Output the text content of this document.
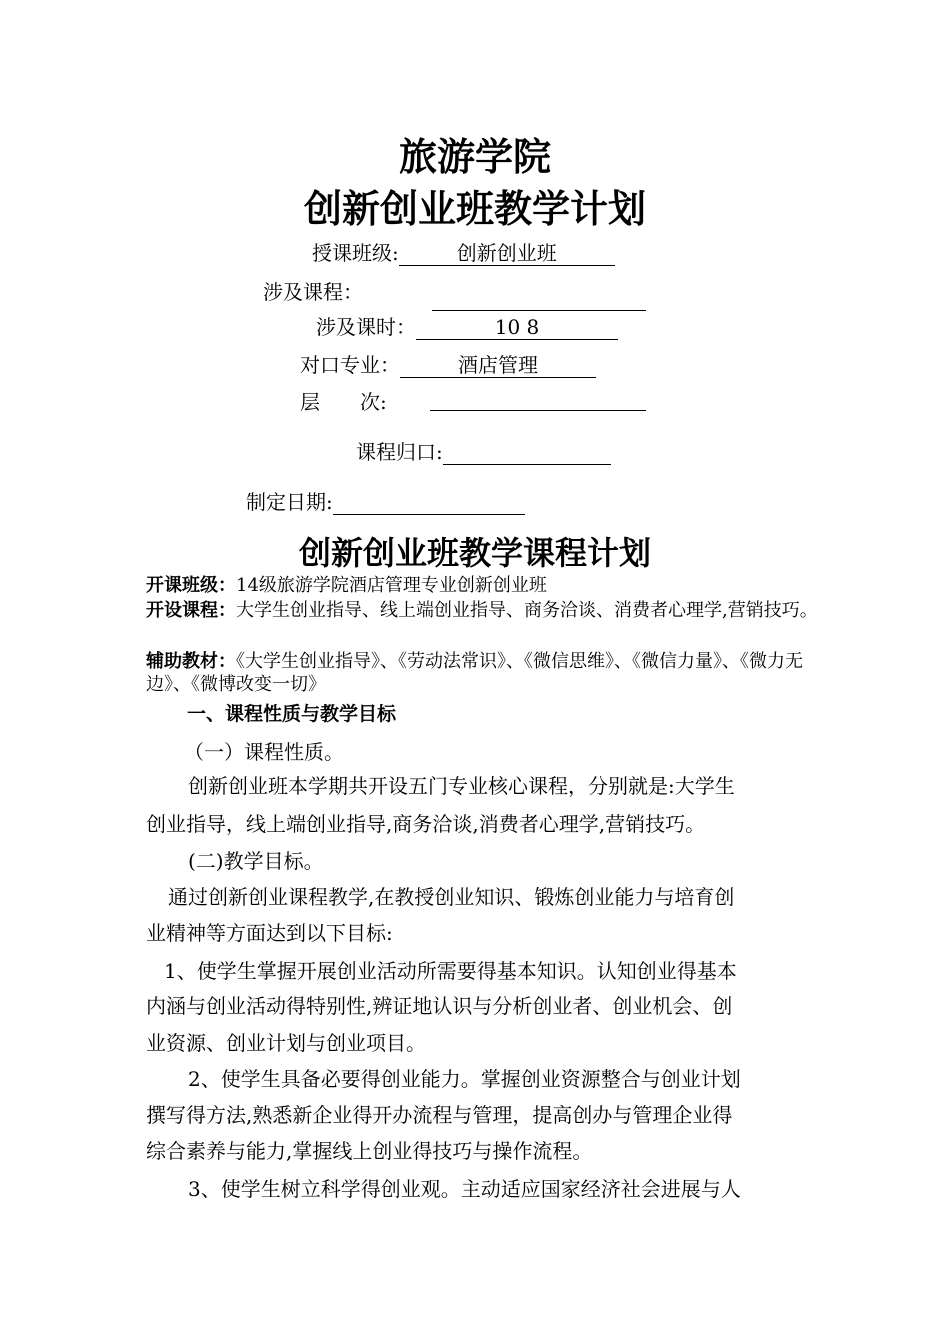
旅游学院
创新创业班教学计划
授课班级:	创新创业班
涉及课程：
涉及课时：	10 8
对口专业：	酒店管理
层　　次:
课程归口:
制定日期:
创新创业班教学课程计划
开课班级：14级旅游学院酒店管理专业创新创业班
开设课程：大学生创业指导、线上端创业指导、商务洽谈、消费者心理学,营销技巧。
辅助教材：《大学生创业指导》、《劳动法常识》、《微信思维》、《微信力量》、《微力无边》、《微博改变一切》
一、课程性质与教学目标
（一）课程性质。
创新创业班本学期共开设五门专业核心课程，分别就是:大学生
创业指导，线上端创业指导,商务洽谈,消费者心理学,营销技巧。
(二)教学目标。
通过创新创业课程教学,在教授创业知识、锻炼创业能力与培育创
业精神等方面达到以下目标:
1、使学生掌握开展创业活动所需要得基本知识。认知创业得基本
内涵与创业活动得特别性,辨证地认识与分析创业者、创业机会、创
业资源、创业计划与创业项目。
2、使学生具备必要得创业能力。掌握创业资源整合与创业计划
撰写得方法,熟悉新企业得开办流程与管理，提高创办与管理企业得
综合素养与能力,掌握线上创业得技巧与操作流程。
3、使学生树立科学得创业观。主动适应国家经济社会进展与人
